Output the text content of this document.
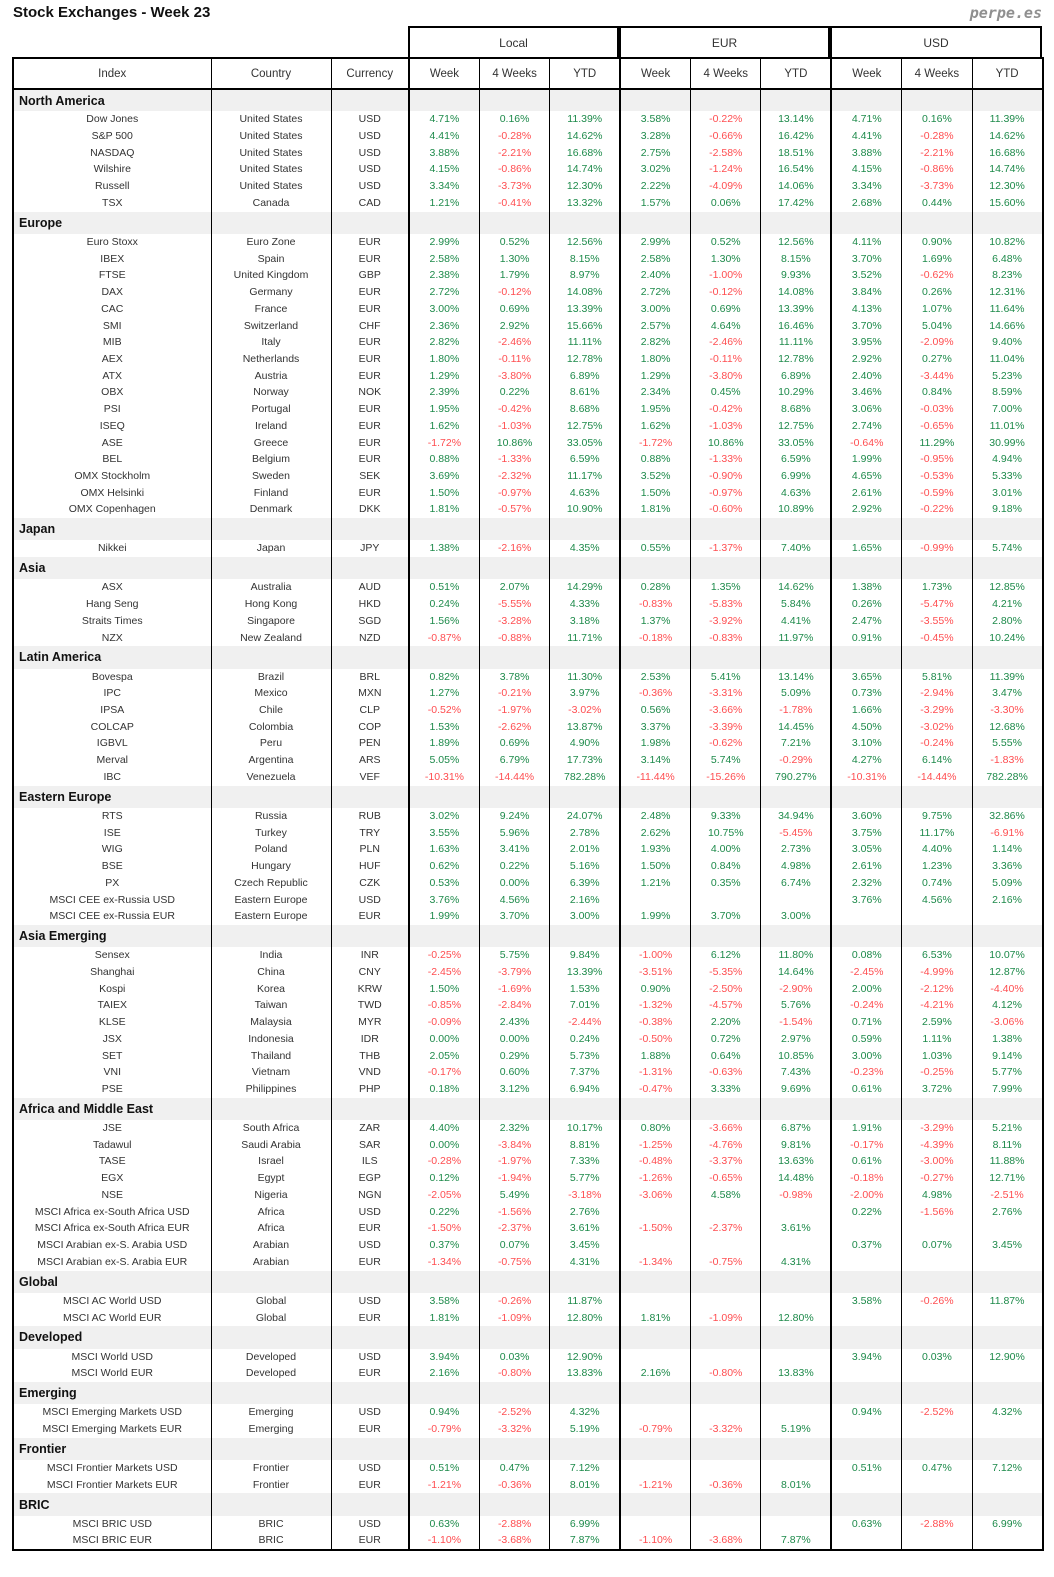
Stock Exchanges - Week 23	perpe.es
Local	EUR	USD
Index	Country	Currency	Week	4 Weeks	YTD	Week	4 Weeks	YTD	Week	4 Weeks	YTD
North America											
Dow Jones	United States	USD	4.71%	0.16%	11.39%	3.58%	-0.22%	13.14%	4.71%	0.16%	11.39%
S&P 500	United States	USD	4.41%	-0.28%	14.62%	3.28%	-0.66%	16.42%	4.41%	-0.28%	14.62%
NASDAQ	United States	USD	3.88%	-2.21%	16.68%	2.75%	-2.58%	18.51%	3.88%	-2.21%	16.68%
Wilshire	United States	USD	4.15%	-0.86%	14.74%	3.02%	-1.24%	16.54%	4.15%	-0.86%	14.74%
Russell	United States	USD	3.34%	-3.73%	12.30%	2.22%	-4.09%	14.06%	3.34%	-3.73%	12.30%
TSX	Canada	CAD	1.21%	-0.41%	13.32%	1.57%	0.06%	17.42%	2.68%	0.44%	15.60%
Europe											
Euro Stoxx	Euro Zone	EUR	2.99%	0.52%	12.56%	2.99%	0.52%	12.56%	4.11%	0.90%	10.82%
IBEX	Spain	EUR	2.58%	1.30%	8.15%	2.58%	1.30%	8.15%	3.70%	1.69%	6.48%
FTSE	United Kingdom	GBP	2.38%	1.79%	8.97%	2.40%	-1.00%	9.93%	3.52%	-0.62%	8.23%
DAX	Germany	EUR	2.72%	-0.12%	14.08%	2.72%	-0.12%	14.08%	3.84%	0.26%	12.31%
CAC	France	EUR	3.00%	0.69%	13.39%	3.00%	0.69%	13.39%	4.13%	1.07%	11.64%
SMI	Switzerland	CHF	2.36%	2.92%	15.66%	2.57%	4.64%	16.46%	3.70%	5.04%	14.66%
MIB	Italy	EUR	2.82%	-2.46%	11.11%	2.82%	-2.46%	11.11%	3.95%	-2.09%	9.40%
AEX	Netherlands	EUR	1.80%	-0.11%	12.78%	1.80%	-0.11%	12.78%	2.92%	0.27%	11.04%
ATX	Austria	EUR	1.29%	-3.80%	6.89%	1.29%	-3.80%	6.89%	2.40%	-3.44%	5.23%
OBX	Norway	NOK	2.39%	0.22%	8.61%	2.34%	0.45%	10.29%	3.46%	0.84%	8.59%
PSI	Portugal	EUR	1.95%	-0.42%	8.68%	1.95%	-0.42%	8.68%	3.06%	-0.03%	7.00%
ISEQ	Ireland	EUR	1.62%	-1.03%	12.75%	1.62%	-1.03%	12.75%	2.74%	-0.65%	11.01%
ASE	Greece	EUR	-1.72%	10.86%	33.05%	-1.72%	10.86%	33.05%	-0.64%	11.29%	30.99%
BEL	Belgium	EUR	0.88%	-1.33%	6.59%	0.88%	-1.33%	6.59%	1.99%	-0.95%	4.94%
OMX Stockholm	Sweden	SEK	3.69%	-2.32%	11.17%	3.52%	-0.90%	6.99%	4.65%	-0.53%	5.33%
OMX Helsinki	Finland	EUR	1.50%	-0.97%	4.63%	1.50%	-0.97%	4.63%	2.61%	-0.59%	3.01%
OMX Copenhagen	Denmark	DKK	1.81%	-0.57%	10.90%	1.81%	-0.60%	10.89%	2.92%	-0.22%	9.18%
Japan											
Nikkei	Japan	JPY	1.38%	-2.16%	4.35%	0.55%	-1.37%	7.40%	1.65%	-0.99%	5.74%
Asia											
ASX	Australia	AUD	0.51%	2.07%	14.29%	0.28%	1.35%	14.62%	1.38%	1.73%	12.85%
Hang Seng	Hong Kong	HKD	0.24%	-5.55%	4.33%	-0.83%	-5.83%	5.84%	0.26%	-5.47%	4.21%
Straits Times	Singapore	SGD	1.56%	-3.28%	3.18%	1.37%	-3.92%	4.41%	2.47%	-3.55%	2.80%
NZX	New Zealand	NZD	-0.87%	-0.88%	11.71%	-0.18%	-0.83%	11.97%	0.91%	-0.45%	10.24%
Latin America											
Bovespa	Brazil	BRL	0.82%	3.78%	11.30%	2.53%	5.41%	13.14%	3.65%	5.81%	11.39%
IPC	Mexico	MXN	1.27%	-0.21%	3.97%	-0.36%	-3.31%	5.09%	0.73%	-2.94%	3.47%
IPSA	Chile	CLP	-0.52%	-1.97%	-3.02%	0.56%	-3.66%	-1.78%	1.66%	-3.29%	-3.30%
COLCAP	Colombia	COP	1.53%	-2.62%	13.87%	3.37%	-3.39%	14.45%	4.50%	-3.02%	12.68%
IGBVL	Peru	PEN	1.89%	0.69%	4.90%	1.98%	-0.62%	7.21%	3.10%	-0.24%	5.55%
Merval	Argentina	ARS	5.05%	6.79%	17.73%	3.14%	5.74%	-0.29%	4.27%	6.14%	-1.83%
IBC	Venezuela	VEF	-10.31%	-14.44%	782.28%	-11.44%	-15.26%	790.27%	-10.31%	-14.44%	782.28%
Eastern Europe											
RTS	Russia	RUB	3.02%	9.24%	24.07%	2.48%	9.33%	34.94%	3.60%	9.75%	32.86%
ISE	Turkey	TRY	3.55%	5.96%	2.78%	2.62%	10.75%	-5.45%	3.75%	11.17%	-6.91%
WIG	Poland	PLN	1.63%	3.41%	2.01%	1.93%	4.00%	2.73%	3.05%	4.40%	1.14%
BSE	Hungary	HUF	0.62%	0.22%	5.16%	1.50%	0.84%	4.98%	2.61%	1.23%	3.36%
PX	Czech Republic	CZK	0.53%	0.00%	6.39%	1.21%	0.35%	6.74%	2.32%	0.74%	5.09%
MSCI CEE ex-Russia USD	Eastern Europe	USD	3.76%	4.56%	2.16%				3.76%	4.56%	2.16%
MSCI CEE ex-Russia EUR	Eastern Europe	EUR	1.99%	3.70%	3.00%	1.99%	3.70%	3.00%			
Asia Emerging											
Sensex	India	INR	-0.25%	5.75%	9.84%	-1.00%	6.12%	11.80%	0.08%	6.53%	10.07%
Shanghai	China	CNY	-2.45%	-3.79%	13.39%	-3.51%	-5.35%	14.64%	-2.45%	-4.99%	12.87%
Kospi	Korea	KRW	1.50%	-1.69%	1.53%	0.90%	-2.50%	-2.90%	2.00%	-2.12%	-4.40%
TAIEX	Taiwan	TWD	-0.85%	-2.84%	7.01%	-1.32%	-4.57%	5.76%	-0.24%	-4.21%	4.12%
KLSE	Malaysia	MYR	-0.09%	2.43%	-2.44%	-0.38%	2.20%	-1.54%	0.71%	2.59%	-3.06%
JSX	Indonesia	IDR	0.00%	0.00%	0.24%	-0.50%	0.72%	2.97%	0.59%	1.11%	1.38%
SET	Thailand	THB	2.05%	0.29%	5.73%	1.88%	0.64%	10.85%	3.00%	1.03%	9.14%
VNI	Vietnam	VND	-0.17%	0.60%	7.37%	-1.31%	-0.63%	7.43%	-0.23%	-0.25%	5.77%
PSE	Philippines	PHP	0.18%	3.12%	6.94%	-0.47%	3.33%	9.69%	0.61%	3.72%	7.99%
Africa and Middle East											
JSE	South Africa	ZAR	4.40%	2.32%	10.17%	0.80%	-3.66%	6.87%	1.91%	-3.29%	5.21%
Tadawul	Saudi Arabia	SAR	0.00%	-3.84%	8.81%	-1.25%	-4.76%	9.81%	-0.17%	-4.39%	8.11%
TASE	Israel	ILS	-0.28%	-1.97%	7.33%	-0.48%	-3.37%	13.63%	0.61%	-3.00%	11.88%
EGX	Egypt	EGP	0.12%	-1.94%	5.77%	-1.26%	-0.65%	14.48%	-0.18%	-0.27%	12.71%
NSE	Nigeria	NGN	-2.05%	5.49%	-3.18%	-3.06%	4.58%	-0.98%	-2.00%	4.98%	-2.51%
MSCI Africa ex-South Africa USD	Africa	USD	0.22%	-1.56%	2.76%				0.22%	-1.56%	2.76%
MSCI Africa ex-South Africa EUR	Africa	EUR	-1.50%	-2.37%	3.61%	-1.50%	-2.37%	3.61%			
MSCI Arabian ex-S. Arabia USD	Arabian	USD	0.37%	0.07%	3.45%				0.37%	0.07%	3.45%
MSCI Arabian ex-S. Arabia EUR	Arabian	EUR	-1.34%	-0.75%	4.31%	-1.34%	-0.75%	4.31%			
Global											
MSCI AC World USD	Global	USD	3.58%	-0.26%	11.87%				3.58%	-0.26%	11.87%
MSCI AC World EUR	Global	EUR	1.81%	-1.09%	12.80%	1.81%	-1.09%	12.80%			
Developed											
MSCI World USD	Developed	USD	3.94%	0.03%	12.90%				3.94%	0.03%	12.90%
MSCI World EUR	Developed	EUR	2.16%	-0.80%	13.83%	2.16%	-0.80%	13.83%			
Emerging											
MSCI Emerging Markets USD	Emerging	USD	0.94%	-2.52%	4.32%				0.94%	-2.52%	4.32%
MSCI Emerging Markets EUR	Emerging	EUR	-0.79%	-3.32%	5.19%	-0.79%	-3.32%	5.19%			
Frontier											
MSCI Frontier Markets USD	Frontier	USD	0.51%	0.47%	7.12%				0.51%	0.47%	7.12%
MSCI Frontier Markets EUR	Frontier	EUR	-1.21%	-0.36%	8.01%	-1.21%	-0.36%	8.01%			
BRIC											
MSCI BRIC USD	BRIC	USD	0.63%	-2.88%	6.99%				0.63%	-2.88%	6.99%
MSCI BRIC EUR	BRIC	EUR	-1.10%	-3.68%	7.87%	-1.10%	-3.68%	7.87%			
